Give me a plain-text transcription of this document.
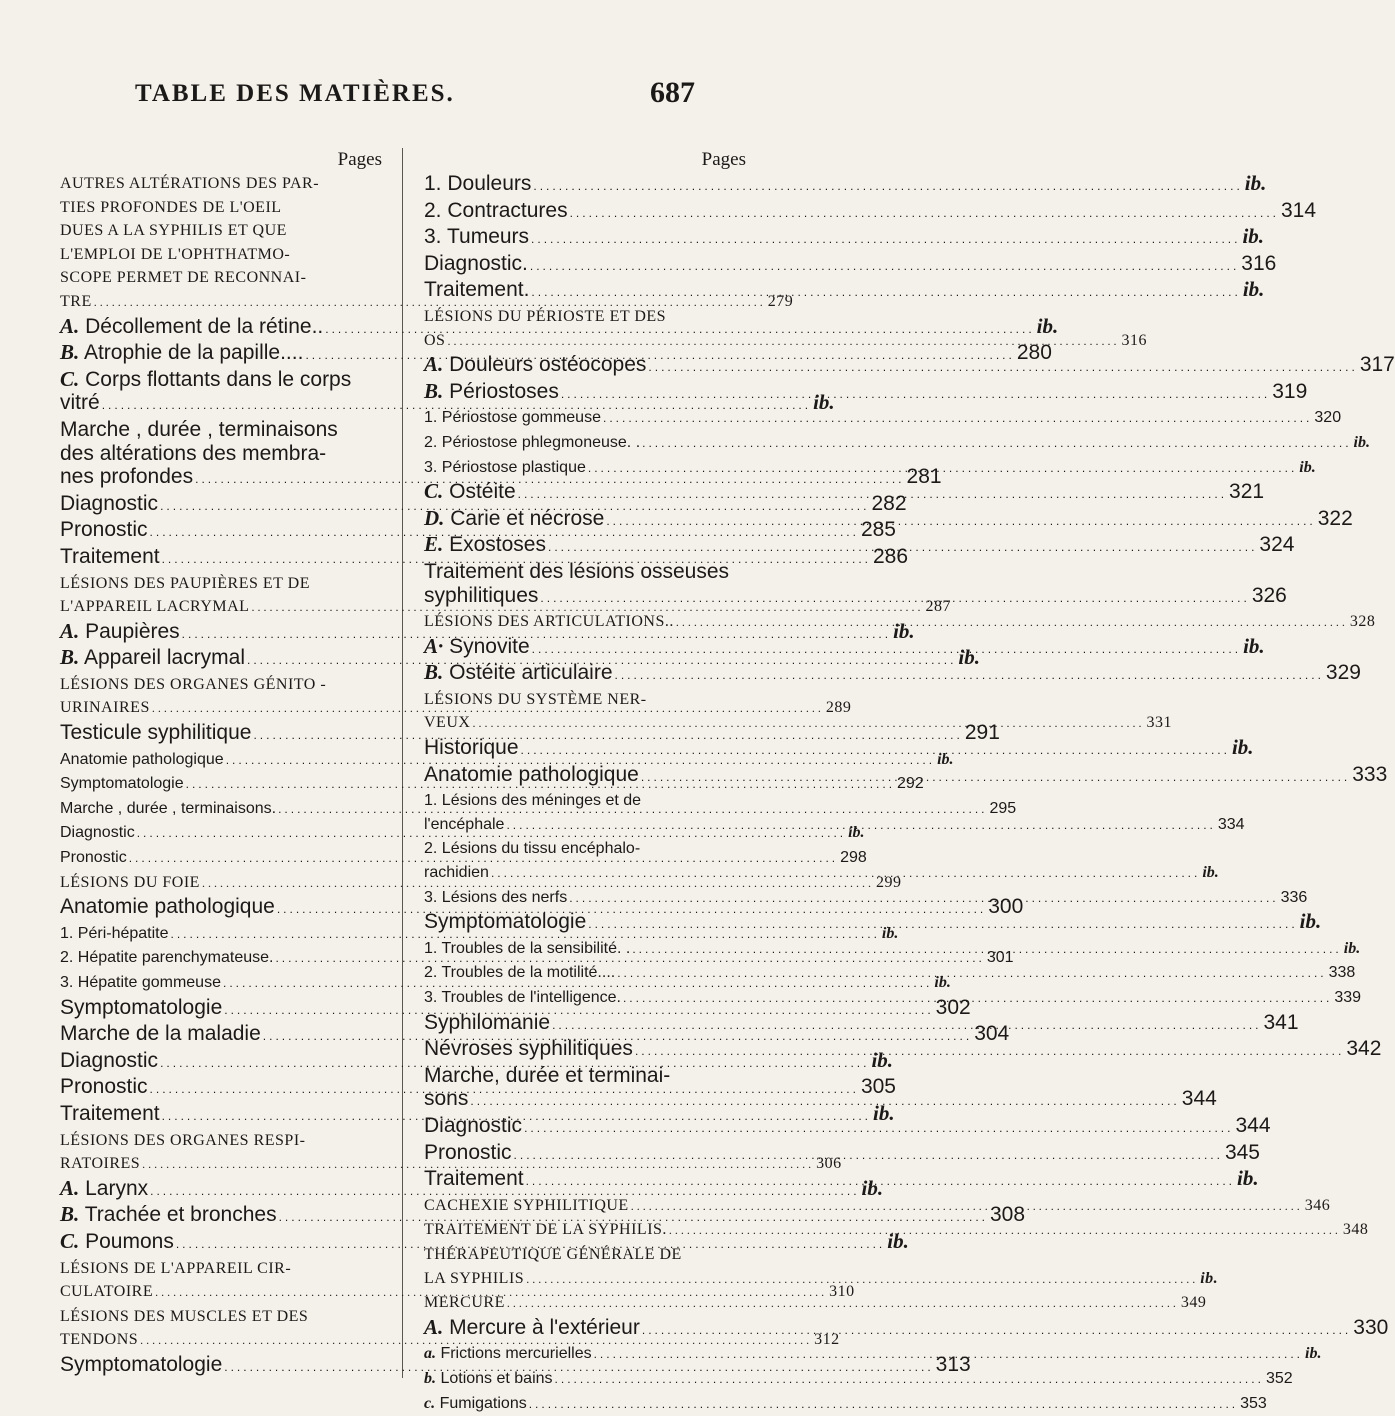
TABLE DES MATIÈRES.	687
Pages
AUTRES ALTÉRATIONS DES PAR-
TIES PROFONDES DE L'OEIL
DUES A LA SYPHILIS ET QUE
L'EMPLOI DE L'OPHTHATMO-
SCOPE PERMET DE RECONNAI-
TRE .....	279
A. Décollement de la rétine.. .....	ib.
B. Atrophie de la papille.... .....	280
C. Corps flottants dans le corps
vitré .....	ib.
Marche , durée , terminaisons
des altérations des membra-
nes profondes .....	281
Diagnostic .....	282
Pronostic .....	285
Traitement .....	286
LÉSIONS DES PAUPIÈRES ET DE
L'APPAREIL LACRYMAL .....	287
A. Paupières .....	ib.
B. Appareil lacrymal .....	ib.
LÉSIONS DES ORGANES GÉNITO -
URINAIRES .....	289
Testicule syphilitique .....	291
Anatomie pathologique .....	ib.
Symptomatologie .....	292
Marche , durée , terminaisons. .....	295
Diagnostic .....	ib.
Pronostic .....	298
LÉSIONS DU FOIE .....	299
Anatomie pathologique .....	300
1. Péri-hépatite .....	ib.
2. Hépatite parenchymateuse. .....	301
3. Hépatite gommeuse .....	ib.
Symptomatologie .....	302
Marche de la maladie .....	304
Diagnostic .....	ib.
Pronostic .....	305
Traitement .....	ib.
LÉSIONS DES ORGANES RESPI-
RATOIRES .....	306
A. Larynx .....	ib.
B. Trachée et bronches .....	308
C. Poumons .....	ib.
LÉSIONS DE L'APPAREIL CIR-
CULATOIRE .....	310
LÉSIONS DES MUSCLES ET DES
TENDONS .....	312
Symptomatologie .....	313
Pages
1. Douleurs .....	ib.
2. Contractures .....	314
3. Tumeurs .....	ib.
Diagnostic. .....	316
Traitement. .....	ib.
LÉSIONS DU PÉRIOSTE ET DES
OS .....	316
A. Douleurs ostéocopes .....	317
B. Périostoses .....	319
1. Périostose gommeuse .....	320
2. Périostose phlegmoneuse. . .....	ib.
3. Périostose plastique .....	ib.
C. Ostéite .....	321
D. Carie et nécrose .....	322
E. Exostoses .....	324
Traitement des lésions osseuses
syphilitiques .....	326
LÉSIONS DES ARTICULATIONS.. .....	328
A· Synovite .....	ib.
B. Ostéite articulaire .....	329
LÉSIONS DU SYSTÈME NER-
VEUX .....	331
Historique .....	ib.
Anatomie pathologique .....	333
1. Lésions des méninges et de
l'encéphale .....	334
2. Lésions du tissu encéphalo-
rachidien .....	ib.
3. Lésions des nerfs .....	336
Symptomatologie .....	ib.
1. Troubles de la sensibilité. . .....	ib.
2. Troubles de la motilité.... .....	338
3. Troubles de l'intelligence. .....	339
Syphilomanie .....	341
Névroses syphilitiques .....	342
Marche, durée et terminai-
sons .....	344
Diagnostic .....	344
Pronostic .....	345
Traitement .....	ib.
CACHEXIE SYPHILITIQUE .....	346
TRAITEMENT DE LA SYPHILIS. .....	348
THÉRAPEUTIQUE GÉNÉRALE DE
LA SYPHILIS .....	ib.
MERCURE .....	349
A. Mercure à l'extérieur .....	330
a. Frictions mercurielles .....	ib.
b. Lotions et bains .....	352
c. Fumigations .....	353
